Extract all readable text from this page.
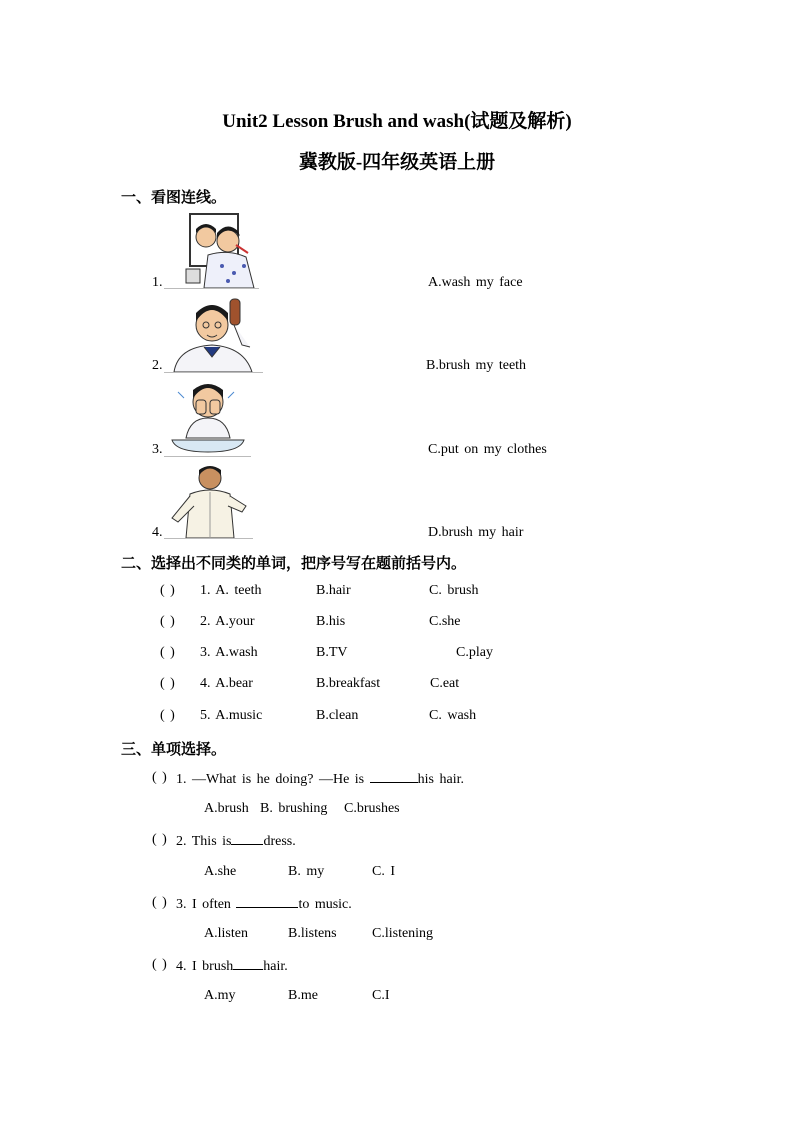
Unit2 Lesson Brush and wash(试题及解析)
冀教版-四年级英语上册
一、看图连线。
1.	A.wash my face
2.	B.brush my teeth
3.	C.put on my clothes
4.	D.brush my hair
二、选择出不同类的单词，把序号写在题前括号内。
( ) 1. A. teeth	B.hair	C. brush
( ) 2. A.your	B.his	C.she
( ) 3. A.wash	B.TV	C.play
( ) 4. A.bear	B.breakfast	C.eat
( ) 5. A.music	B.clean	C. wash
三、单项选择。
( ) 1. —What is he doing? —He is	his hair.
A.brush B. brushing C.brushes
( ) 2. This is dress.
A.she	B. my	C. I
( ) 3. I often	to music.
A.listen	B.listens	C.listening
( ) 4. I brush hair.
A.my	B.me	C.I
